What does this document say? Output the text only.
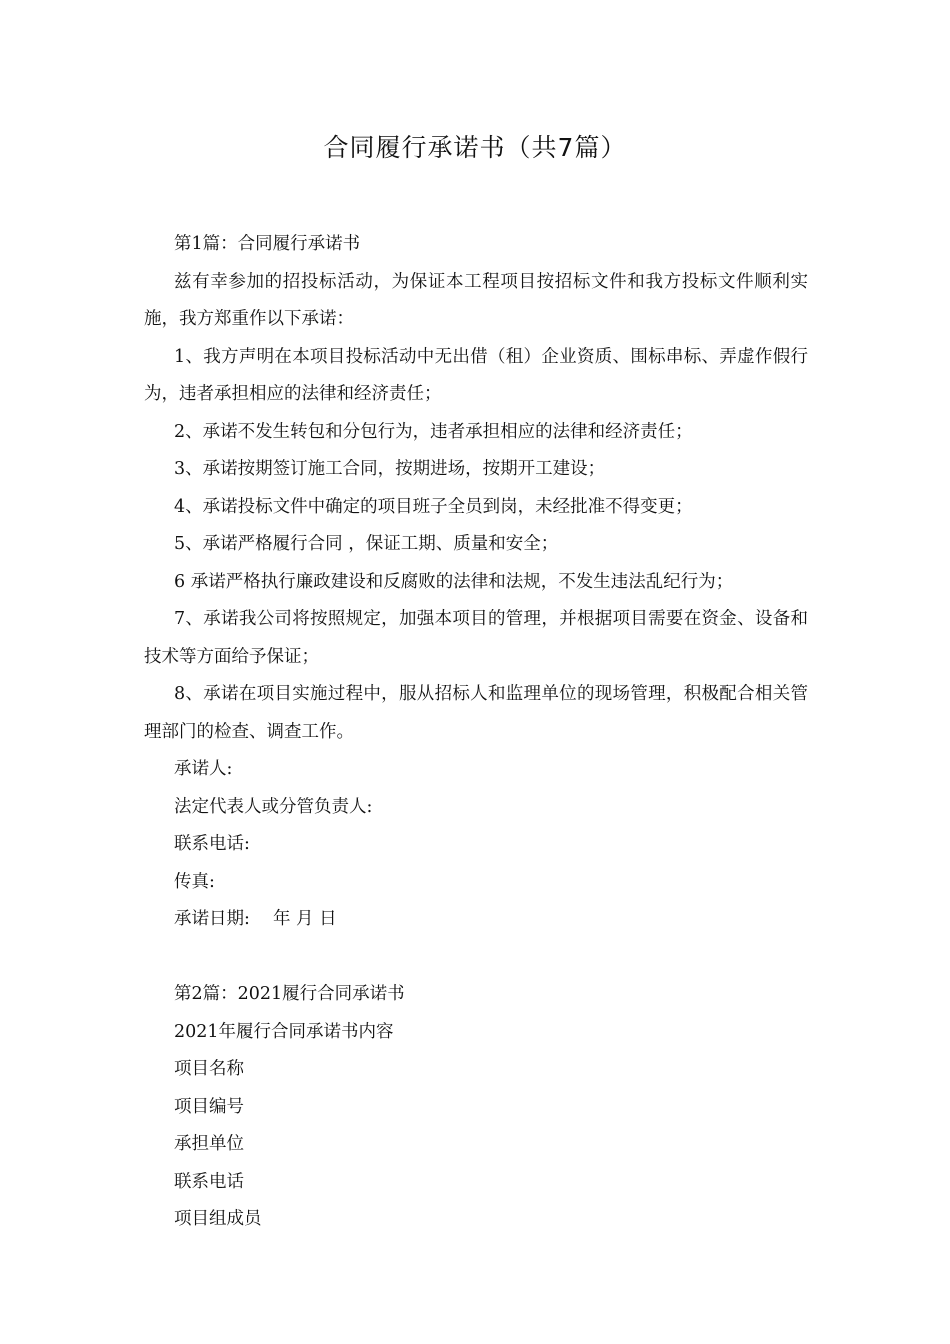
合同履行承诺书（共7篇）

第1篇：合同履行承诺书

兹有幸参加的招投标活动，为保证本工程项目按招标文件和我方投标文件顺利实施，我方郑重作以下承诺：

1、我方声明在本项目投标活动中无出借（租）企业资质、围标串标、弄虚作假行为，违者承担相应的法律和经济责任；

2、承诺不发生转包和分包行为，违者承担相应的法律和经济责任；

3、承诺按期签订施工合同，按期进场，按期开工建设；

4、承诺投标文件中确定的项目班子全员到岗，未经批准不得变更；

5、承诺严格履行合同 ，保证工期、质量和安全；

6 承诺严格执行廉政建设和反腐败的法律和法规，不发生违法乱纪行为；

7、承诺我公司将按照规定，加强本项目的管理，并根据项目需要在资金、设备和技术等方面给予保证；

8、承诺在项目实施过程中，服从招标人和监理单位的现场管理，积极配合相关管理部门的检查、调查工作。

承诺人:

法定代表人或分管负责人:

联系电话:

传真:

承诺日期:　 年 月 日

第2篇：2021履行合同承诺书

2021年履行合同承诺书内容

项目名称

项目编号

承担单位

联系电话

项目组成员
